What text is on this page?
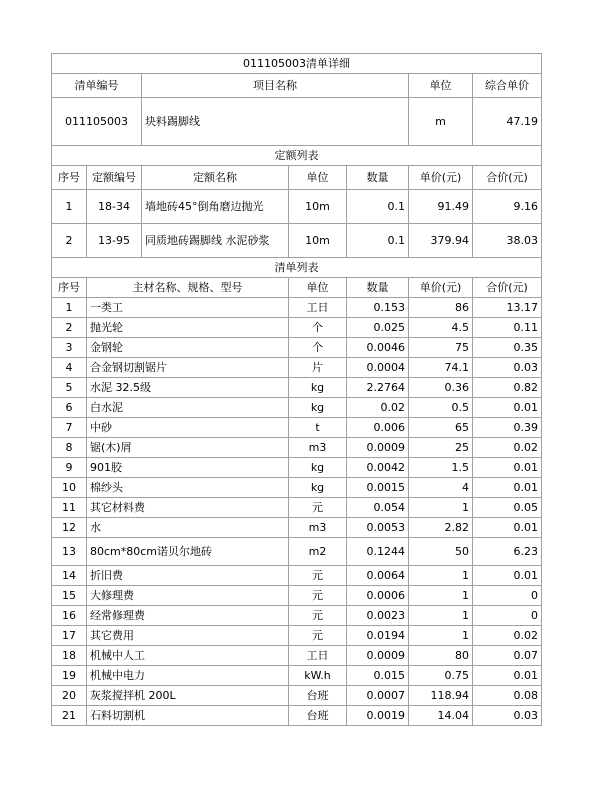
011105003清单详细						
清单编号		项目名称			单位	综合单价
011105003		块料踢脚线			m	47.19
定额列表						
序号	定额编号	定额名称	单位	数量	单价(元)	合价(元)
1	18-34	墙地砖45°倒角磨边抛光	10m	0.1	91.49	9.16
2	13-95	同质地砖踢脚线 水泥砂浆	10m	0.1	379.94	38.03
清单列表						
序号	主材名称、规格、型号		单位	数量	单价(元)	合价(元)
1	一类工		工日	0.153	86	13.17
2	抛光轮		个	0.025	4.5	0.11
3	金钢轮		个	0.0046	75	0.35
4	合金钢切割锯片		片	0.0004	74.1	0.03
5	水泥 32.5级		kg	2.2764	0.36	0.82
6	白水泥		kg	0.02	0.5	0.01
7	中砂		t	0.006	65	0.39
8	锯(木)屑		m3	0.0009	25	0.02
9	901胶		kg	0.0042	1.5	0.01
10	棉纱头		kg	0.0015	4	0.01
11	其它材料费		元	0.054	1	0.05
12	水		m3	0.0053	2.82	0.01
13	80cm*80cm诺贝尔地砖		m2	0.1244	50	6.23
14	折旧费		元	0.0064	1	0.01
15	大修理费		元	0.0006	1	0
16	经常修理费		元	0.0023	1	0
17	其它费用		元	0.0194	1	0.02
18	机械中人工		工日	0.0009	80	0.07
19	机械中电力		kW.h	0.015	0.75	0.01
20	灰浆搅拌机 200L		台班	0.0007	118.94	0.08
21	石料切割机		台班	0.0019	14.04	0.03
